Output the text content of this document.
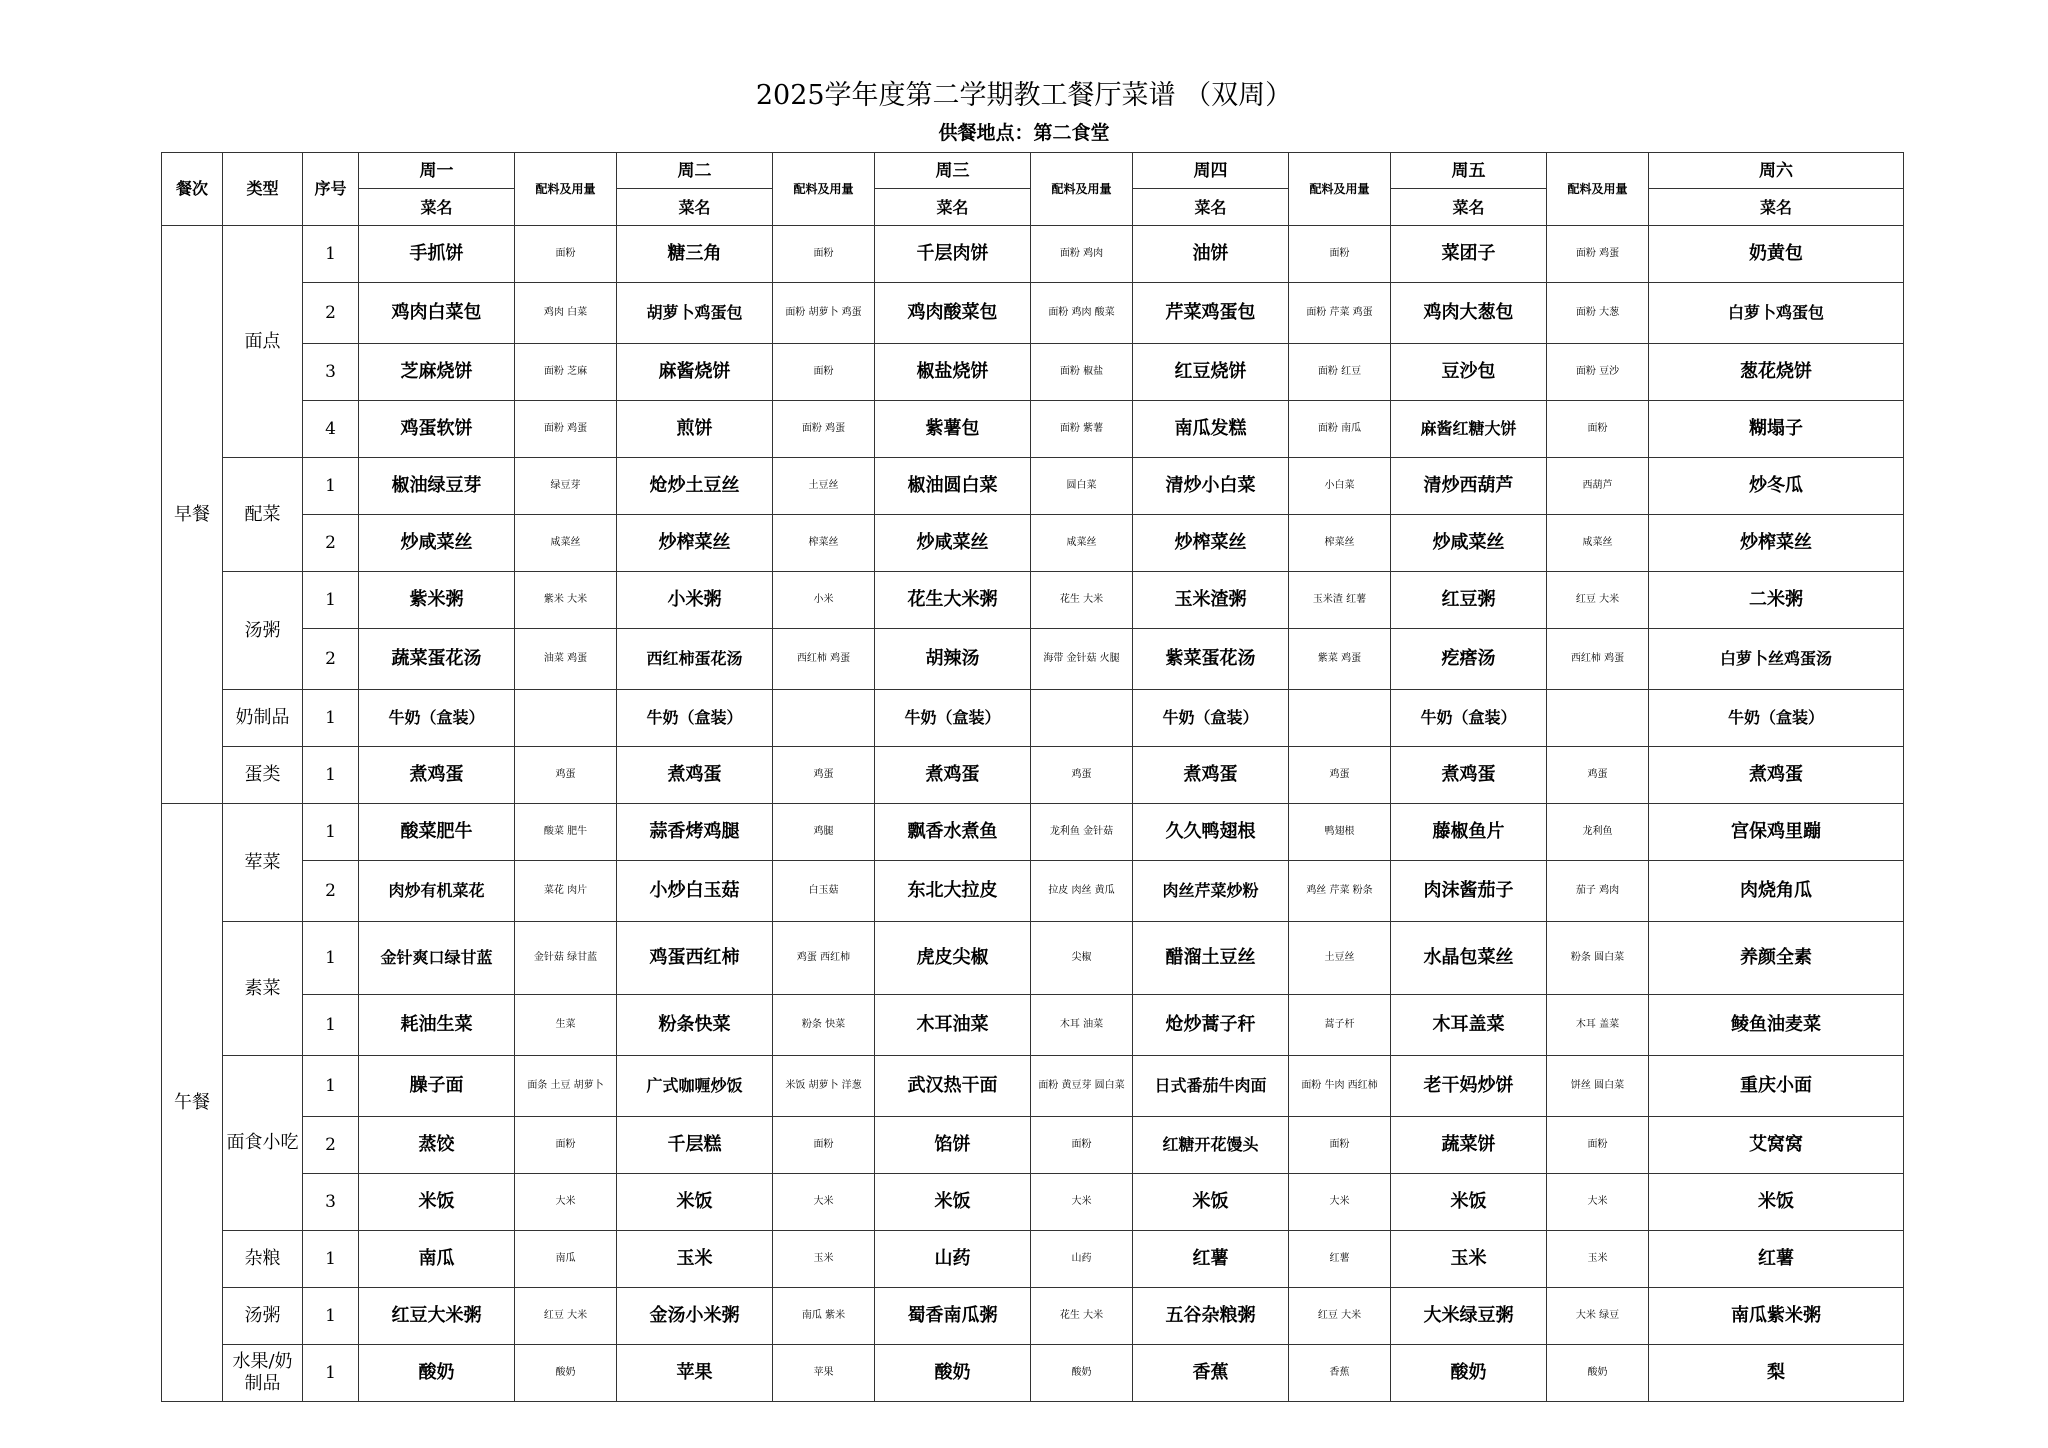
2025学年度第二学期教工餐厅菜谱 （双周）
供餐地点：第二食堂
餐次	类型	序号	周一	配料及用量	周二	配料及用量	周三	配料及用量	周四	配料及用量	周五	配料及用量	周六	
			菜名		菜名		菜名		菜名		菜名		菜名	
早餐	面点	1	手抓饼	面粉	糖三角	面粉	千层肉饼	面粉 鸡肉	油饼	面粉	菜团子	面粉 鸡蛋	奶黄包	
		2	鸡肉白菜包	鸡肉 白菜	胡萝卜鸡蛋包	面粉 胡萝卜 鸡蛋	鸡肉酸菜包	面粉 鸡肉 酸菜	芹菜鸡蛋包	面粉 芹菜 鸡蛋	鸡肉大葱包	面粉 大葱	白萝卜鸡蛋包	
		3	芝麻烧饼	面粉 芝麻	麻酱烧饼	面粉	椒盐烧饼	面粉 椒盐	红豆烧饼	面粉 红豆	豆沙包	面粉 豆沙	葱花烧饼	
		4	鸡蛋软饼	面粉 鸡蛋	煎饼	面粉 鸡蛋	紫薯包	面粉 紫薯	南瓜发糕	面粉 南瓜	麻酱红糖大饼	面粉	糊塌子	
	配菜	1	椒油绿豆芽	绿豆芽	炝炒土豆丝	土豆丝	椒油圆白菜	圆白菜	清炒小白菜	小白菜	清炒西葫芦	西葫芦	炒冬瓜	
		2	炒咸菜丝	咸菜丝	炒榨菜丝	榨菜丝	炒咸菜丝	咸菜丝	炒榨菜丝	榨菜丝	炒咸菜丝	咸菜丝	炒榨菜丝	
	汤粥	1	紫米粥	紫米 大米	小米粥	小米	花生大米粥	花生 大米	玉米渣粥	玉米渣 红薯	红豆粥	红豆 大米	二米粥	
		2	蔬菜蛋花汤	油菜 鸡蛋	西红柿蛋花汤	西红柿 鸡蛋	胡辣汤	海带 金针菇 火腿	紫菜蛋花汤	紫菜 鸡蛋	疙瘩汤	西红柿 鸡蛋	白萝卜丝鸡蛋汤	
	奶制品	1	牛奶（盒装）		牛奶（盒装）		牛奶（盒装）		牛奶（盒装）		牛奶（盒装）		牛奶（盒装）	
	蛋类	1	煮鸡蛋	鸡蛋	煮鸡蛋	鸡蛋	煮鸡蛋	鸡蛋	煮鸡蛋	鸡蛋	煮鸡蛋	鸡蛋	煮鸡蛋	
午餐	荤菜	1	酸菜肥牛	酸菜 肥牛	蒜香烤鸡腿	鸡腿	飘香水煮鱼	龙利鱼 金针菇	久久鸭翅根	鸭翅根	藤椒鱼片	龙利鱼	宫保鸡里蹦	
		2	肉炒有机菜花	菜花 肉片	小炒白玉菇	白玉菇	东北大拉皮	拉皮 肉丝 黄瓜	肉丝芹菜炒粉	鸡丝 芹菜 粉条	肉沫酱茄子	茄子 鸡肉	肉烧角瓜	
	素菜	1	金针爽口绿甘蓝	金针菇 绿甘蓝	鸡蛋西红柿	鸡蛋 西红柿	虎皮尖椒	尖椒	醋溜土豆丝	土豆丝	水晶包菜丝	粉条 圆白菜	养颜全素	
		1	耗油生菜	生菜	粉条快菜	粉条 快菜	木耳油菜	木耳 油菜	炝炒蒿子秆	蒿子杆	木耳盖菜	木耳 盖菜	鲮鱼油麦菜	
	面食小吃	1	臊子面	面条 土豆 胡萝卜	广式咖喱炒饭	米饭 胡萝卜 洋葱	武汉热干面	面粉 黄豆芽 圆白菜	日式番茄牛肉面	面粉 牛肉 西红柿	老干妈炒饼	饼丝 圆白菜	重庆小面	
		2	蒸饺	面粉	千层糕	面粉	馅饼	面粉	红糖开花馒头	面粉	蔬菜饼	面粉	艾窝窝	
		3	米饭	大米	米饭	大米	米饭	大米	米饭	大米	米饭	大米	米饭	
	杂粮	1	南瓜	南瓜	玉米	玉米	山药	山药	红薯	红薯	玉米	玉米	红薯	
	汤粥	1	红豆大米粥	红豆 大米	金汤小米粥	南瓜 紫米	蜀香南瓜粥	花生 大米	五谷杂粮粥	红豆 大米	大米绿豆粥	大米 绿豆	南瓜紫米粥	
	水果/奶制品	1	酸奶	酸奶	苹果	苹果	酸奶	酸奶	香蕉	香蕉	酸奶	酸奶	梨	
